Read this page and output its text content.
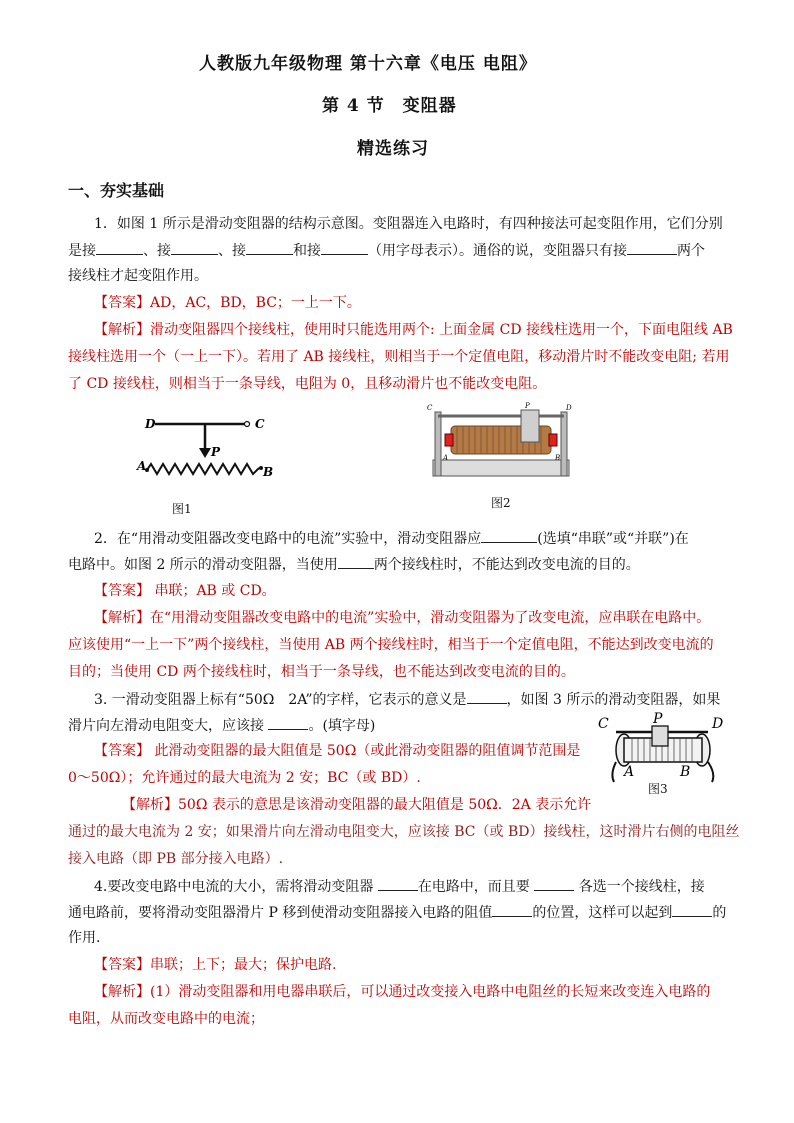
人教版九年级物理 第十六章《电压 电阻》
第 4 节　变阻器
精选练习
一、夯实基础
1．如图 1 所示是滑动变阻器的结构示意图。变阻器连入电路时，有四种接法可起变阻作用，它们分别
是接	、接	、接	和接	（用字母表示）。通俗的说，变阻器只有接	两个
接线柱才起变阻作用。
【答案】AD，AC，BD，BC；一上一下。
【解析】滑动变阻器四个接线柱，使用时只能选用两个: 上面金属 CD 接线柱选用一个，下面电阻线 AB
接线柱选用一个（一上一下）。若用了 AB 接线柱，则相当于一个定值电阻，移动滑片时不能改变电阻; 若用
了 CD 接线柱，则相当于一条导线，电阻为 0，且移动滑片也不能改变电阻。
D	C
P
A	B
图1
C	D
P
A	B
图2
2．在“用滑动变阻器改变电路中的电流”实验中，滑动变阻器应	(选填“串联”或“并联”)在
电路中。如图 2 所示的滑动变阻器，当使用	两个接线柱时，不能达到改变电流的目的。
【答案】 串联；AB 或 CD。
【解析】在“用滑动变阻器改变电路中的电流”实验中，滑动变阻器为了改变电流，应串联在电路中。
应该使用“一上一下”两个接线柱，当使用 AB 两个接线柱时，相当于一个定值电阻，不能达到改变电流的
目的；当使用 CD 两个接线柱时，相当于一条导线，也不能达到改变电流的目的。
3. 一滑动变阻器上标有“50Ω　2A”的字样，它表示的意义是	，如图 3 所示的滑动变阻器，如果
滑片向左滑动电阻变大，应该接	。(填字母)
【答案】 此滑动变阻器的最大阻值是 50Ω（或此滑动变阻器的阻值调节范围是
0～50Ω）；允许通过的最大电流为 2 安；BC（或 BD）.
【解析】50Ω 表示的意思是该滑动变阻器的最大阻值是 50Ω．2A 表示允许
通过的最大电流为 2 安；如果滑片向左滑动电阻变大，应该接 BC（或 BD）接线柱，这时滑片右侧的电阻丝
接入电路（即 PB 部分接入电路）.
C	P	D
A	B
图3
4.要改变电路中电流的大小，需将滑动变阻器	在电路中，而且要	各选一个接线柱，接
通电路前，要将滑动变阻器滑片 P 移到使滑动变阻器接入电路的阻值	的位置，这样可以起到	的
作用.
【答案】串联；上下；最大；保护电路.
【解析】(1）滑动变阻器和用电器串联后，可以通过改变接入电路中电阻丝的长短来改变连入电路的
电阻，从而改变电路中的电流；
